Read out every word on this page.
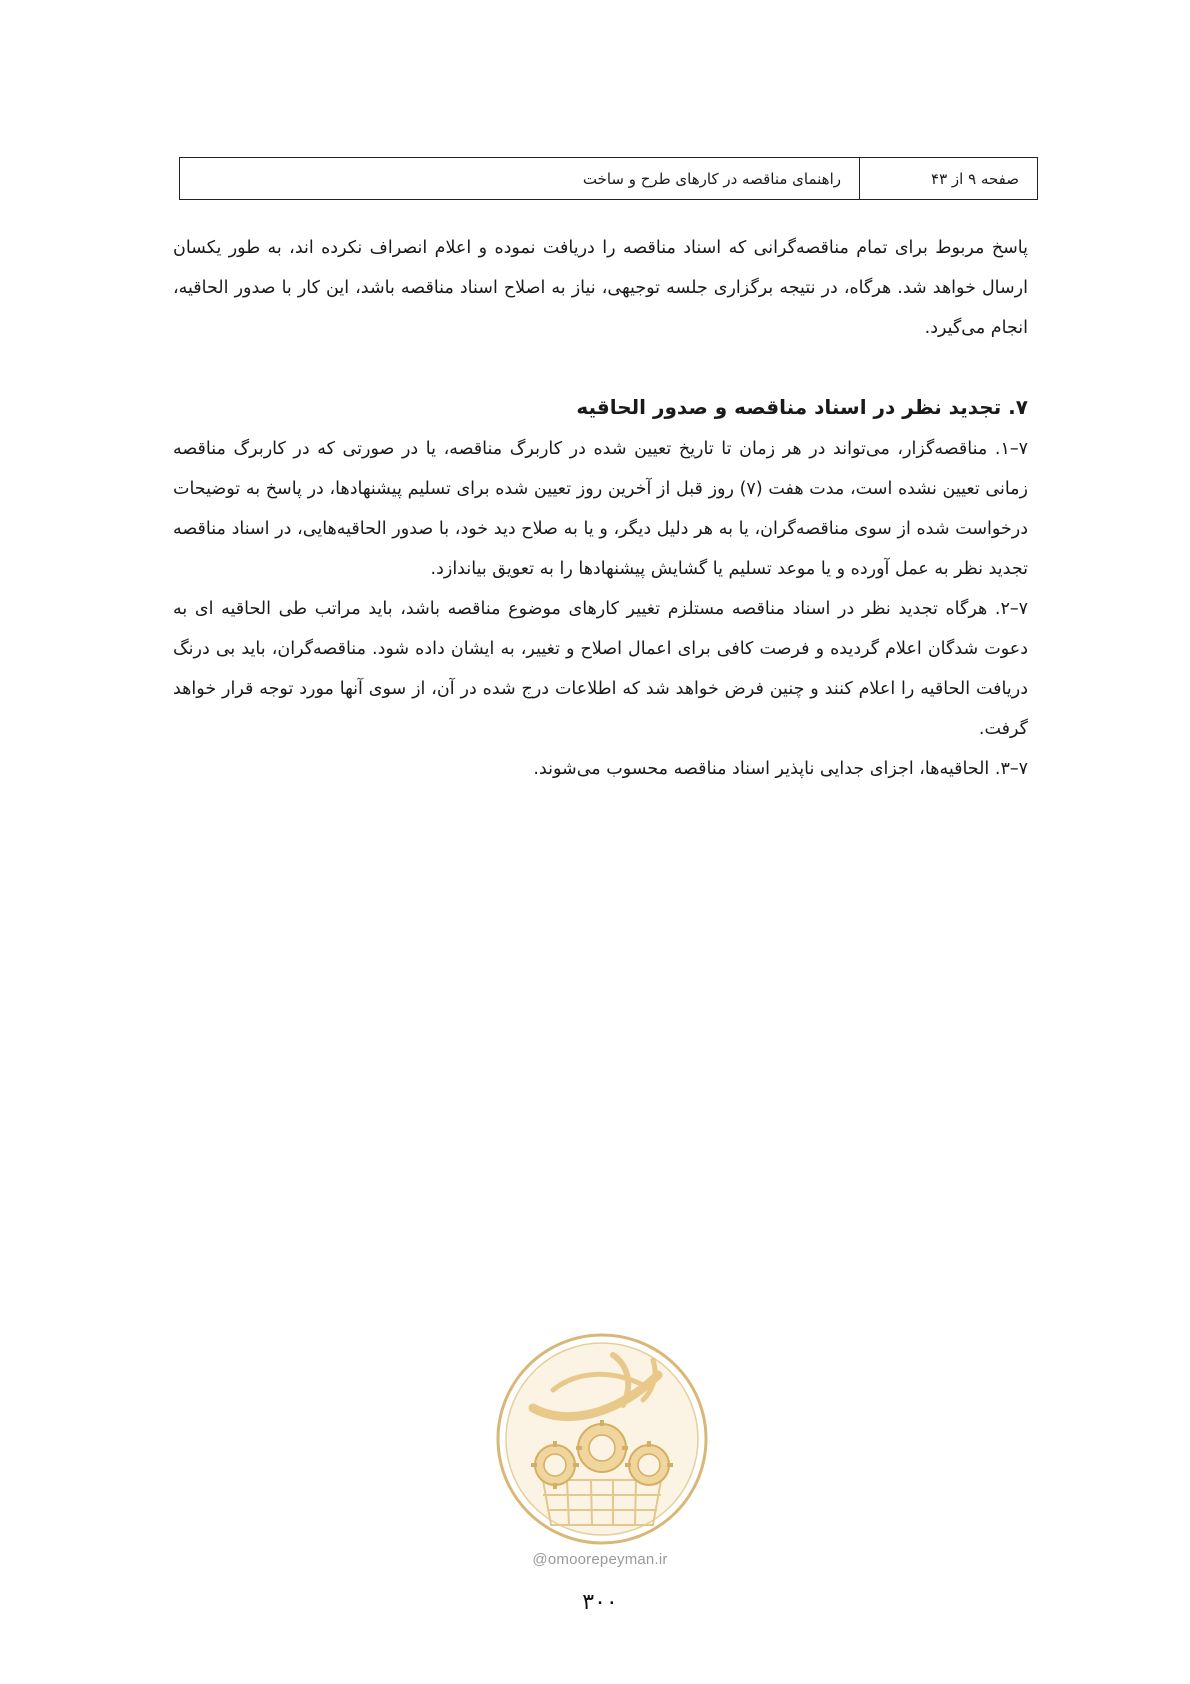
صفحه ۹ از ۴۳
راهنمای مناقصه در کارهای طرح و ساخت

پاسخ مربوط برای تمام مناقصه‌گرانی که اسناد مناقصه را دریافت نموده و اعلام انصراف نکرده اند، به طور یکسان ارسال خواهد شد. هرگاه، در نتیجه برگزاری جلسه توجیهی، نیاز به اصلاح اسناد مناقصه باشد، این کار با صدور الحاقیه، انجام می‌گیرد.

۷. تجدید نظر در اسناد مناقصه و صدور الحاقیه

۷–۱. مناقصه‌گزار، می‌تواند در هر زمان تا تاریخ تعیین شده در کاربرگ مناقصه، یا در صورتی که در کاربرگ مناقصه زمانی تعیین نشده است، مدت هفت (۷) روز قبل از آخرین روز تعیین شده برای تسلیم پیشنهادها، در پاسخ به توضیحات درخواست شده از سوی مناقصه‌گران، یا به هر دلیل دیگر، و یا به صلاح دید خود، با صدور الحاقیه‌هایی، در اسناد مناقصه تجدید نظر به عمل آورده و یا موعد تسلیم یا گشایش پیشنهادها را به تعویق بیاندازد.

۷–۲. هرگاه تجدید نظر در اسناد مناقصه مستلزم تغییر کارهای موضوع مناقصه باشد، باید مراتب طی الحاقیه ای به دعوت شدگان اعلام گردیده و فرصت کافی برای اعمال اصلاح و تغییر، به ایشان داده شود. مناقصه‌گران، باید بی درنگ دریافت الحاقیه را اعلام کنند و چنین فرض خواهد شد که اطلاعات درج شده در آن، از سوی آنها مورد توجه قرار خواهد گرفت.

۷–۳. الحاقیه‌ها، اجزای جدایی ناپذیر اسناد مناقصه محسوب می‌شوند.

@omoorepeyman.ir
۳۰۰
